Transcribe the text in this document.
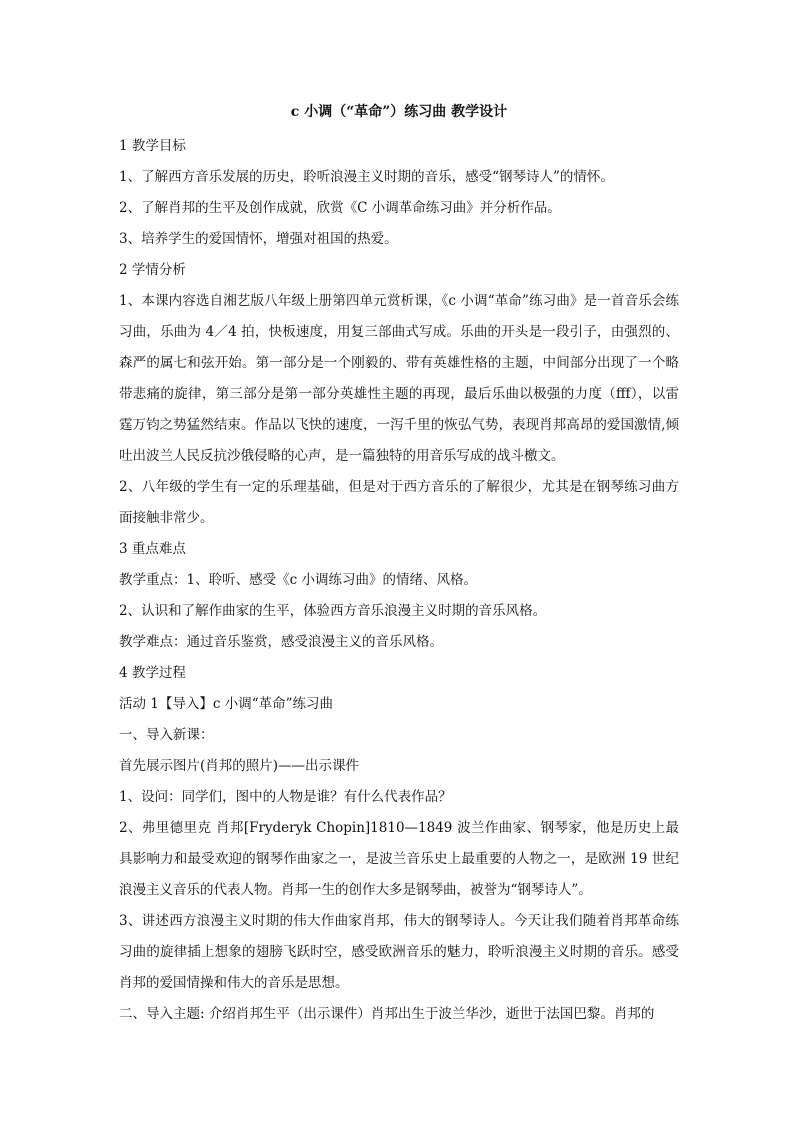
c 小调（“革命”）练习曲 教学设计

1 教学目标

1、了解西方音乐发展的历史，聆听浪漫主义时期的音乐，感受“钢琴诗人”的情怀。

2、了解肖邦的生平及创作成就，欣赏《C 小调革命练习曲》并分析作品。

3、培养学生的爱国情怀，增强对祖国的热爱。

2 学情分析

1、本课内容选自湘艺版八年级上册第四单元赏析课，《c 小调“革命”练习曲》是一首音乐会练习曲，乐曲为 4／4 拍，快板速度，用复三部曲式写成。乐曲的开头是一段引子，由强烈的、森严的属七和弦开始。第一部分是一个刚毅的、带有英雄性格的主题，中间部分出现了一个略带悲痛的旋律，第三部分是第一部分英雄性主题的再现，最后乐曲以极强的力度（fff），以雷霆万钧之势猛然结束。作品以飞快的速度，一泻千里的恢弘气势，表现肖邦高昂的爱国激情,倾吐出波兰人民反抗沙俄侵略的心声，是一篇独特的用音乐写成的战斗檄文。

2、八年级的学生有一定的乐理基础，但是对于西方音乐的了解很少，尤其是在钢琴练习曲方面接触非常少。

3 重点难点

教学重点：1、聆听、感受《c 小调练习曲》的情绪、风格。

2、认识和了解作曲家的生平，体验西方音乐浪漫主义时期的音乐风格。

教学难点：通过音乐鉴赏，感受浪漫主义的音乐风格。

4 教学过程

活动 1【导入】c 小调“革命”练习曲

一、导入新课：

首先展示图片(肖邦的照片)——出示课件

1、设问：同学们，图中的人物是谁？有什么代表作品？

2、弗里德里克 肖邦[Fryderyk Chopin]1810—1849 波兰作曲家、钢琴家，他是历史上最具影响力和最受欢迎的钢琴作曲家之一，是波兰音乐史上最重要的人物之一，是欧洲 19 世纪浪漫主义音乐的代表人物。肖邦一生的创作大多是钢琴曲，被誉为“钢琴诗人”。

3、讲述西方浪漫主义时期的伟大作曲家肖邦，伟大的钢琴诗人。今天让我们随着肖邦革命练习曲的旋律插上想象的翅膀飞跃时空，感受欧洲音乐的魅力，聆听浪漫主义时期的音乐。感受肖邦的爱国情操和伟大的音乐是思想。

二、导入主题: 介绍肖邦生平（出示课件）肖邦出生于波兰华沙，逝世于法国巴黎。肖邦的
